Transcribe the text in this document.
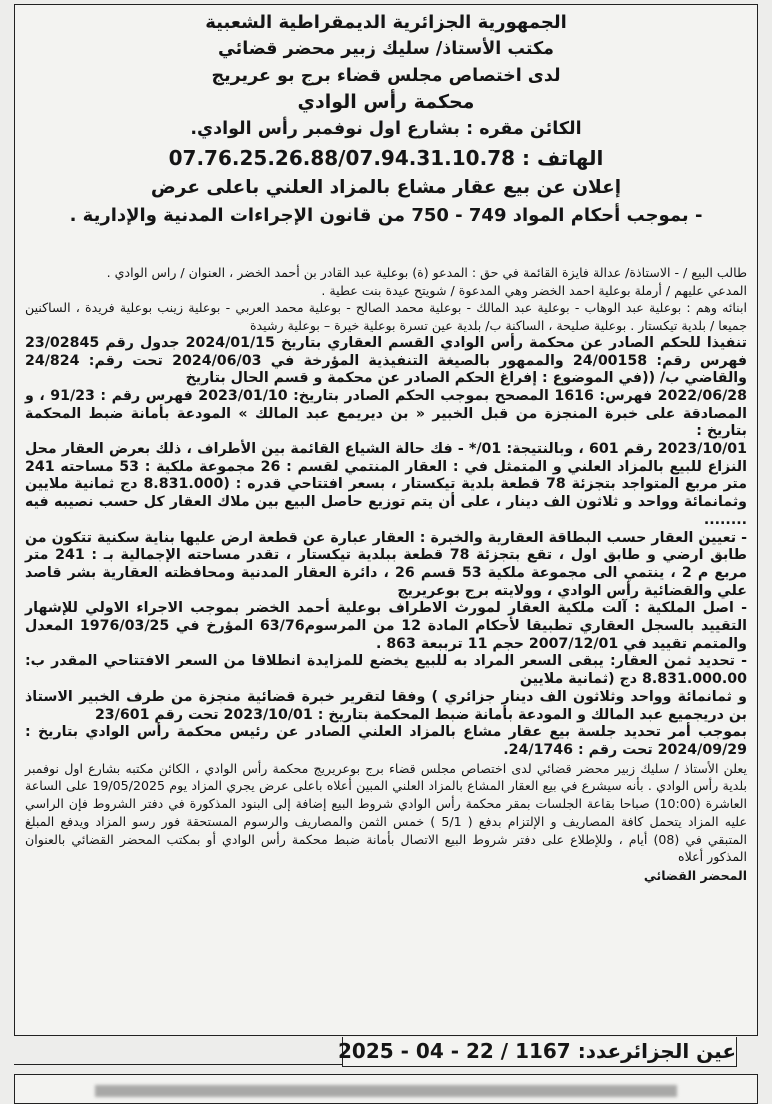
الجمهورية الجزائرية الديمقراطية الشعبية
مكتب الأستاذ/ سليك زبير محضر قضائي
لدى اختصاص مجلس قضاء برج بو عريريج
محكمة رأس الوادي
الكائن مقره : بشارع اول نوفمبر رأس الوادي.
الهاتف : 07.76.25.26.88/07.94.31.10.78
إعلان عن بيع عقار مشاع بالمزاد العلني باعلى عرض
- بموجب أحكام المواد 749 - 750 من قانون الإجراءات المدنية والإدارية .

طالب البيع / - الاستاذة/ عدالة فايزة القائمة في حق : المدعو (ة) بوعلية عبد القادر بن أحمد الخضر ، العنوان / راس الوادي .

المدعي عليهم / أرملة بوعلية احمد الخضر وهي المدعوة / شويتح عيدة بنت عطية .

ابنائه وهم : بوعلية عبد الوهاب - بوعلية عبد المالك - بوعلية محمد الصالح - بوعلية محمد العربي - بوعلية زينب بوعلية فريدة ، الساكنين جميعا / بلدية تيكستار . بوعلية صليحة ، الساكنة ب/ بلدية عين تسرة بوعلية خيرة – بوعلية رشيدة

تنفيذا للحكم الصادر عن محكمة رأس الوادي القسم العقاري بتاريخ 2024/01/15 جدول رقم 23/02845 فهرس رقم: 24/00158 والممهور بالصيغة التنفيذية المؤرخة في 2024/06/03 تحت رقم: 24/824 والقاضي ب/ ((في الموضوع : إفراغ الحكم الصادر عن محكمة و قسم الحال بتاريخ

2022/06/28 فهرس: 1616 المصحح بموجب الحكم الصادر بتاريخ: 2023/01/10 فهرس رقم : 91/23 ، و المصادقة على خبرة المنجزة من قبل الخبير « بن ديريمع عبد المالك » المودعة بأمانة ضبط المحكمة بتاريخ :

2023/10/01 رقم 601 ، وبالنتيجة: 01/* - فك حالة الشياع القائمة بين الأطراف ، ذلك بعرض العقار محل النزاع للبيع بالمزاد العلني و المتمثل في : العقار المنتمي لقسم : 26 مجموعة ملكية : 53 مساحته 241 متر مربع المتواجد بتجزئة 78 قطعة بلدية تيكستار ، بسعر افتتاحي قدره : (8.831.000 دج ثمانية ملايين وثمانمائة وواحد و ثلاثون الف دينار ، على أن يتم توزيع حاصل البيع بين ملاك العقار كل حسب نصيبه فيه ........

- تعيين العقار حسب البطاقة العقارية والخبرة : العقار عبارة عن قطعة ارض عليها بناية سكنية تتكون من طابق ارضي و طابق اول ، تقع بتجزئة 78 قطعة ببلدية تيكستار ، تقدر مساحته الإجمالية بـ : 241 متر مربع م 2 ، ينتمي الى مجموعة ملكية 53 قسم 26 ، دائرة العقار المدنية ومحافظته العقارية بشر قاصد علي والقضائية رأس الوادي ، وولايته برج بوعريريج

- اصل الملكية : آلت ملكية العقار لمورث الاطراف بوعلية أحمد الخضر بموجب الاجراء الاولي للإشهار التقييد بالسجل العقاري تطبيقا لأحكام المادة 12 من المرسوم63/76 المؤرخ في 1976/03/25 المعدل والمتمم تقييد في 2007/12/01 حجم 11 ترببعة 863 .

- تحديد ثمن العقار: يبقى السعر المراد به للبيع يخضع للمزايدة انطلاقا من السعر الافتتاحي المقدر ب: 8.831.000.00 دج (ثمانية ملايين

و ثمانمائة وواحد وثلاثون الف دينار جزائري ) وفقا لتقرير خبرة قضائية منجزة من طرف الخبير الاستاذ بن دريجميع عبد المالك و المودعة بأمانة ضبط المحكمة بتاريخ : 2023/10/01 تحت رقم 23/601

بموجب أمر تحديد جلسة بيع عقار مشاع بالمزاد العلني الصادر عن رئيس محكمة رأس الوادي بتاريخ : 2024/09/29 تحت رقم : 24/1746.

يعلن الأستاذ / سليك زبير محضر قضائي لدى اختصاص مجلس قضاء برج بوعريريج محكمة رأس الوادي ، الكائن مكتبه بشارع اول نوفمبر بلدية رأس الوادي . بأنه سيشرع في بيع العقار المشاع بالمزاد العلني المبين أعلاه باعلى عرض يجري المزاد يوم 19/05/2025 على الساعة العاشرة (10:00) صباحا بقاعة الجلسات بمقر محكمة رأس الوادي شروط البيع إضافة إلى البنود المذكورة في دفتر الشروط فإن الراسي عليه المزاد يتحمل كافة المصاريف و الإلتزام بدفع ( 5/1 ) خمس الثمن والمصاريف والرسوم المستحقة فور رسو المزاد ويدفع المبلغ المتبقي في (08) أيام ، وللإطلاع على دفتر شروط البيع الاتصال بأمانة ضبط محكمة رأس الوادي أو بمكتب المحضر القضائي بالعنوان المذكور أعلاه

المحضر القضائي

عين الجزائرعدد: 1167 / 22 - 04 - 2025
